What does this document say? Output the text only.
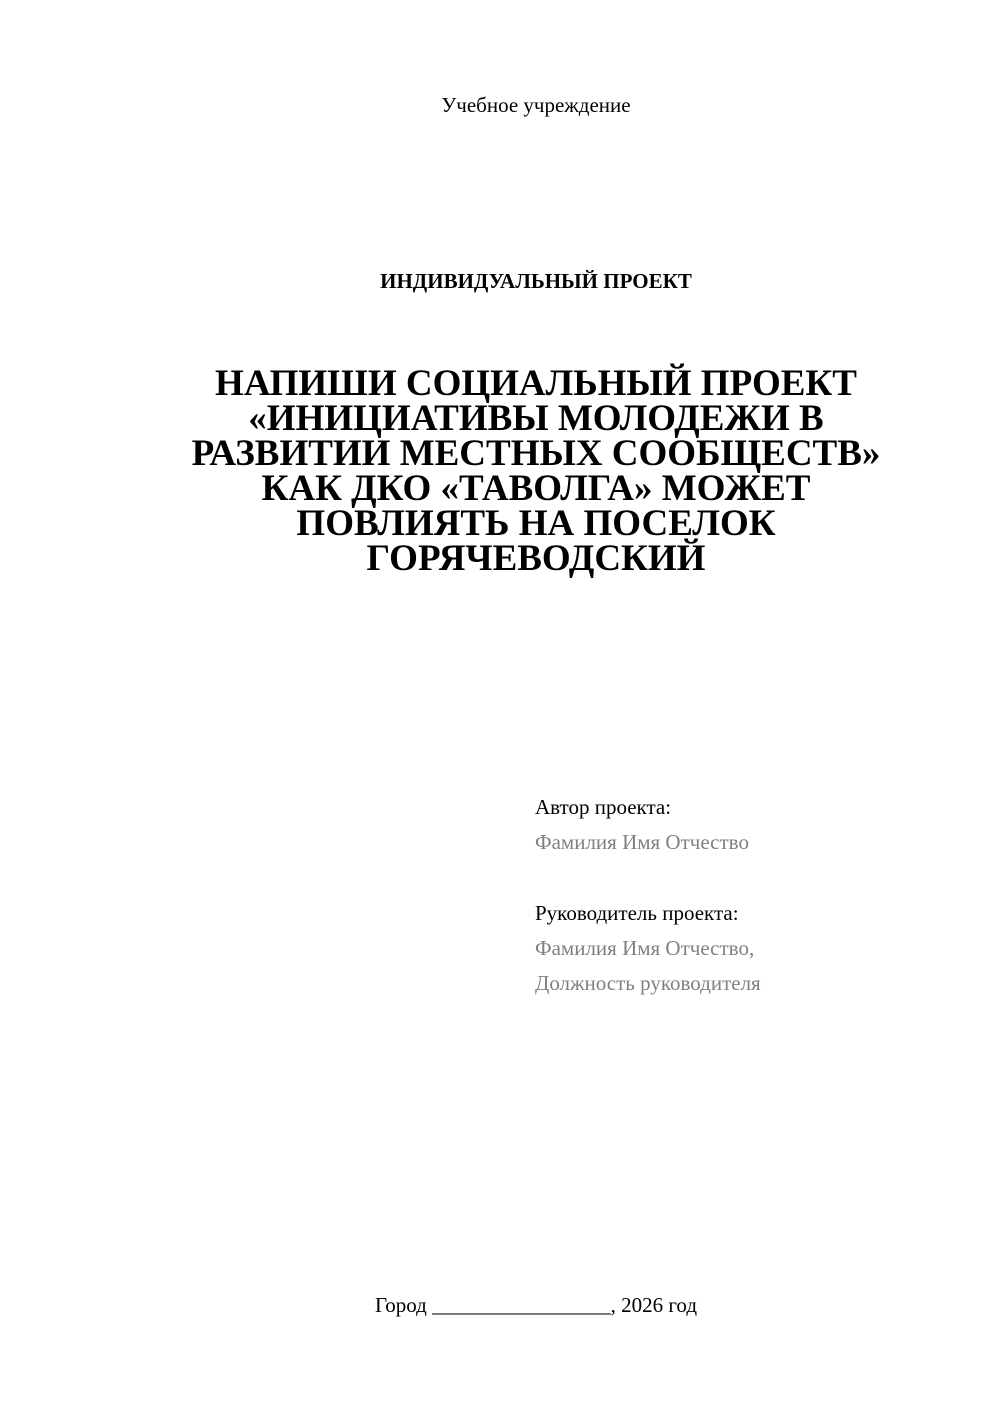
Учебное учреждение
ИНДИВИДУАЛЬНЫЙ ПРОЕКТ
НАПИШИ СОЦИАЛЬНЫЙ ПРОЕКТ
«ИНИЦИАТИВЫ МОЛОДЕЖИ В
РАЗВИТИИ МЕСТНЫХ СООБЩЕСТВ»
КАК ДКО «ТАВОЛГА» МОЖЕТ
ПОВЛИЯТЬ НА ПОСЕЛОК
ГОРЯЧЕВОДСКИЙ
Автор проекта:
Фамилия Имя Отчество
Руководитель проекта:
Фамилия Имя Отчество,
Должность руководителя
Город _________________, 2026 год
